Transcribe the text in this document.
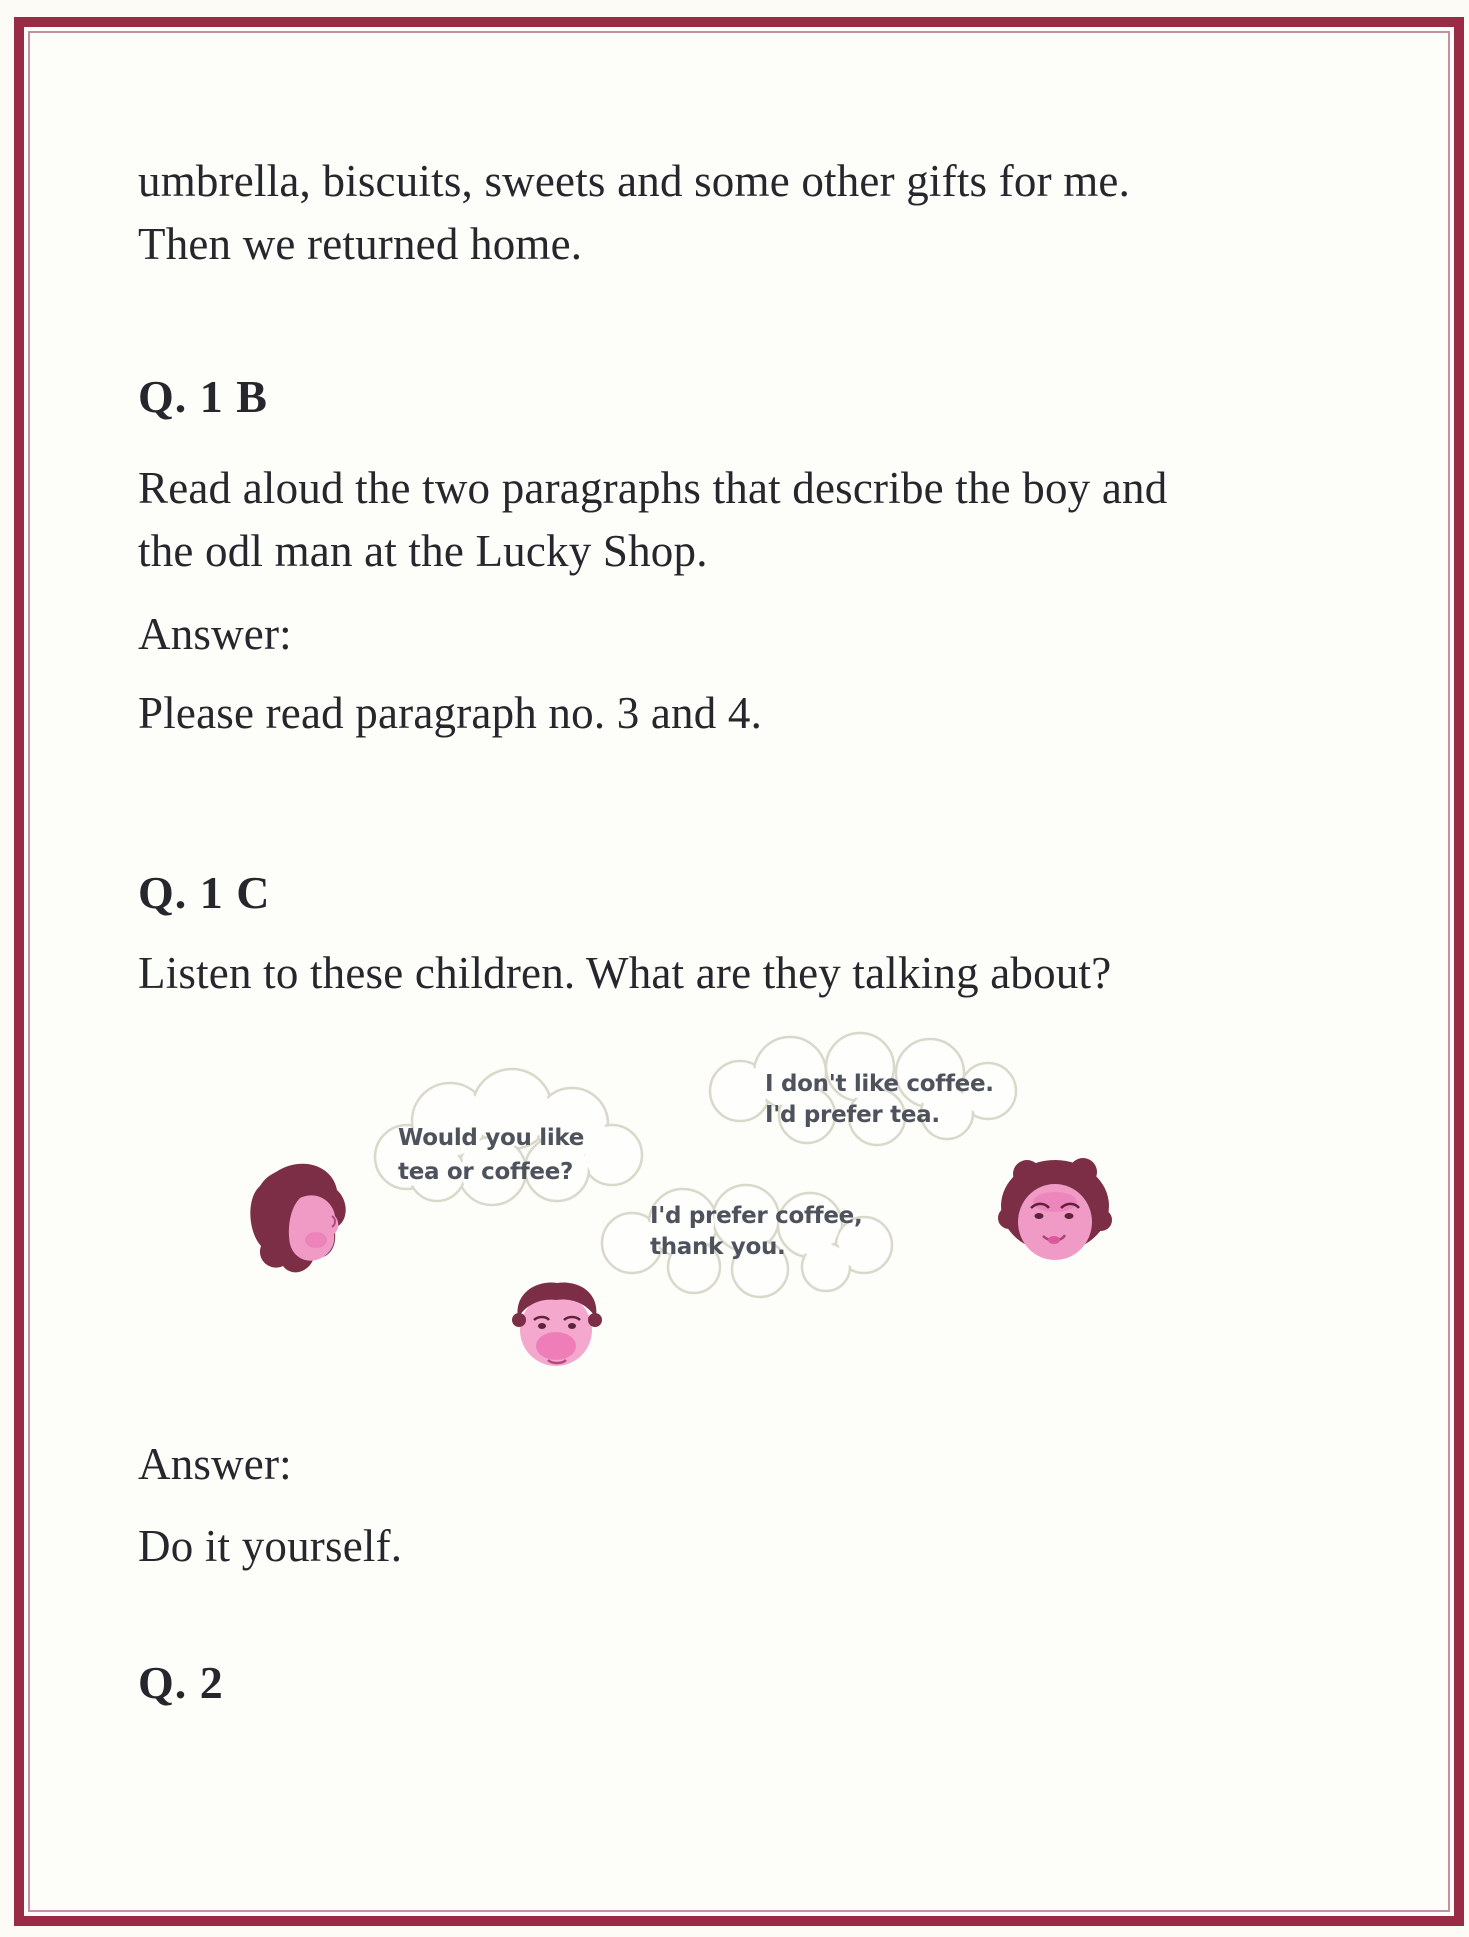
umbrella, biscuits, sweets and some other gifts for me.
Then we returned home.
Q. 1 B
Read aloud the two paragraphs that describe the boy and
the odl man at the Lucky Shop.
Answer:
Please read paragraph no. 3 and 4.
Q. 1 C
Listen to these children. What are they talking about?
Would you like
tea or coffee?
I don't like coffee.
I'd prefer tea.
I'd prefer coffee,
thank you.
Answer:
Do it yourself.
Q. 2
